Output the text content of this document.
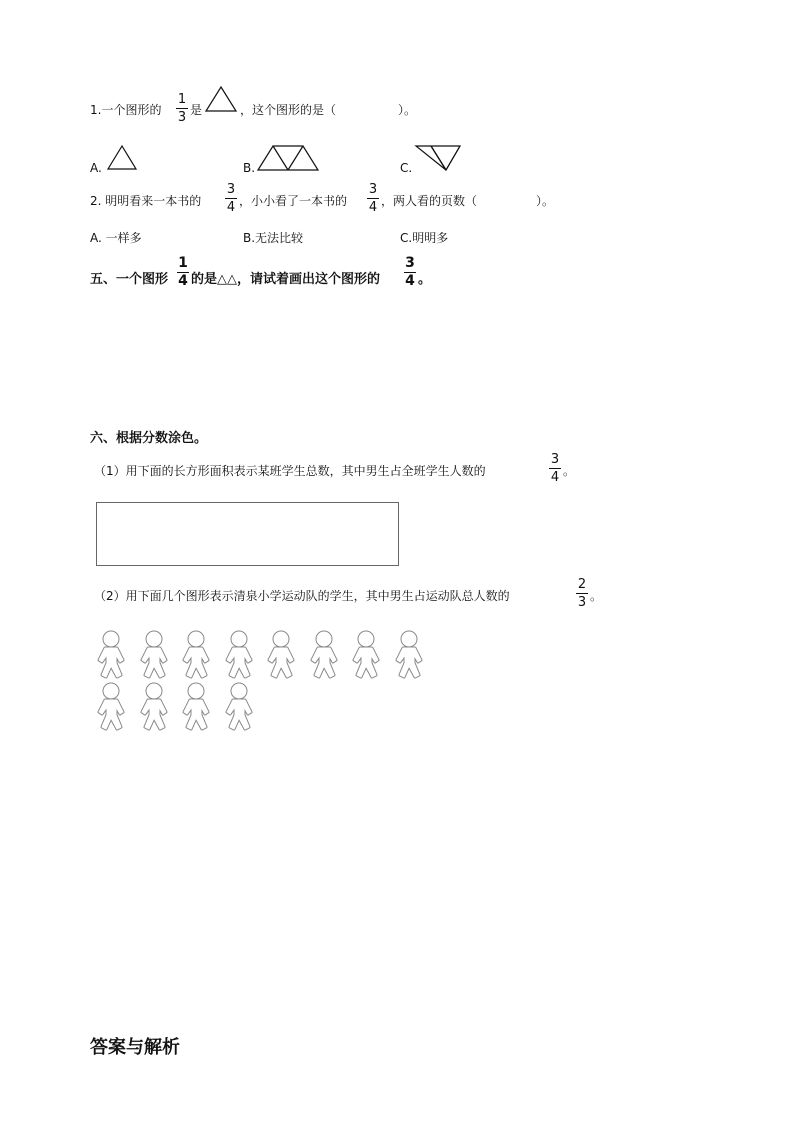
1.一个图形的
1
3 是	，这个图形的是（	）。
A.	B.	C.
2. 明明看来一本书的
3
4 ，小小看了一本书的
3
4 ，两人看的页数（	）。
A. 一样多	B.无法比较	C.明明多
五、一个图形
1
4 的是△△，请试着画出这个图形的
3
4 。
六、根据分数涂色。
（1）用下面的长方形面积表示某班学生总数，其中男生占全班学生人数的
3
4 。
（2）用下面几个图形表示清泉小学运动队的学生，其中男生占运动队总人数的
2
3 。
答案与解析
